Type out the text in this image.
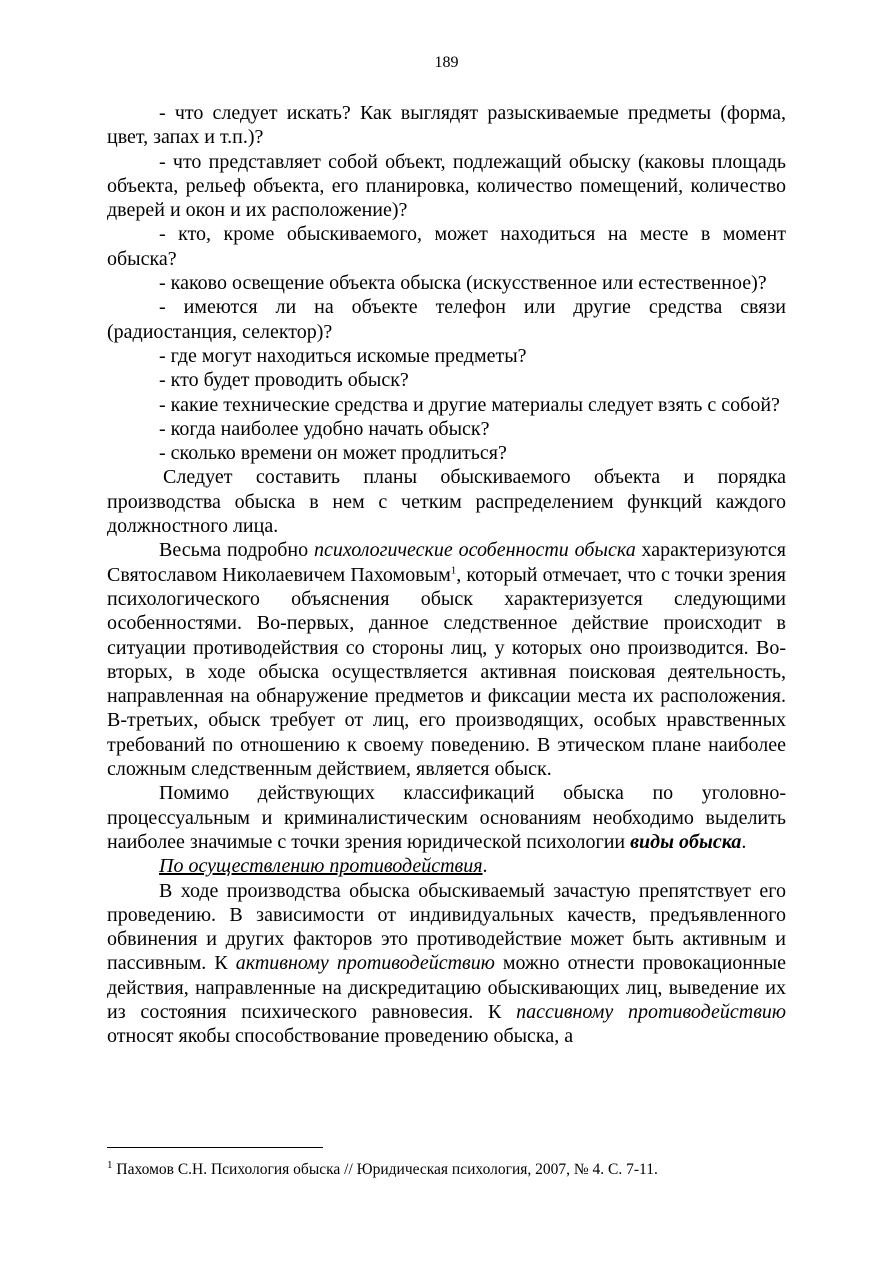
189

- что следует искать? Как выглядят разыскиваемые предметы (форма, цвет, запах и т.п.)?

- что представляет собой объект, подлежащий обыску (каковы площадь объекта, рельеф объекта, его планировка, количество помещений, количество дверей и окон и их расположение)?

- кто, кроме обыскиваемого, может находиться на месте в момент обыска?

- каково освещение объекта обыска (искусственное или естественное)?

- имеются ли на объекте телефон или другие средства связи (радиостанция, селектор)?

- где могут находиться искомые предметы?

- кто будет проводить обыск?

- какие технические средства и другие материалы следует взять с собой?

- когда наиболее удобно начать обыск?

- сколько времени он может продлиться?

Следует составить планы обыскиваемого объекта и порядка производства обыска в нем с четким распределением функций каждого должностного лица.

Весьма подробно психологические особенности обыска характеризуются Святославом Николаевичем Пахомовым$^1$, который отмечает, что с точки зрения психологического объяснения обыск характеризуется следующими особенностями. Во-первых, данное следственное действие происходит в ситуации противодействия со стороны лиц, у которых оно производится. Во-вторых, в ходе обыска осуществляется активная поисковая деятельность, направленная на обнаружение предметов и фиксации места их расположения. В-третьих, обыск требует от лиц, его производящих, особых нравственных требований по отношению к своему поведению. В этическом плане наиболее сложным следственным действием, является обыск.

Помимо действующих классификаций обыска по уголовно-процессуальным и криминалистическим основаниям необходимо выделить наиболее значимые с точки зрения юридической психологии виды обыска.

По осуществлению противодействия.

В ходе производства обыска обыскиваемый зачастую препятствует его проведению. В зависимости от индивидуальных качеств, предъявленного обвинения и других факторов это противодействие может быть активным и пассивным. К активному противодействию можно отнести провокационные действия, направленные на дискредитацию обыскивающих лиц, выведение их из состояния психического равновесия. К пассивному противодействию относят якобы способствование проведению обыска, а

$^1$ Пахомов С.Н. Психология обыска // Юридическая психология, 2007, № 4. С. 7-11.
